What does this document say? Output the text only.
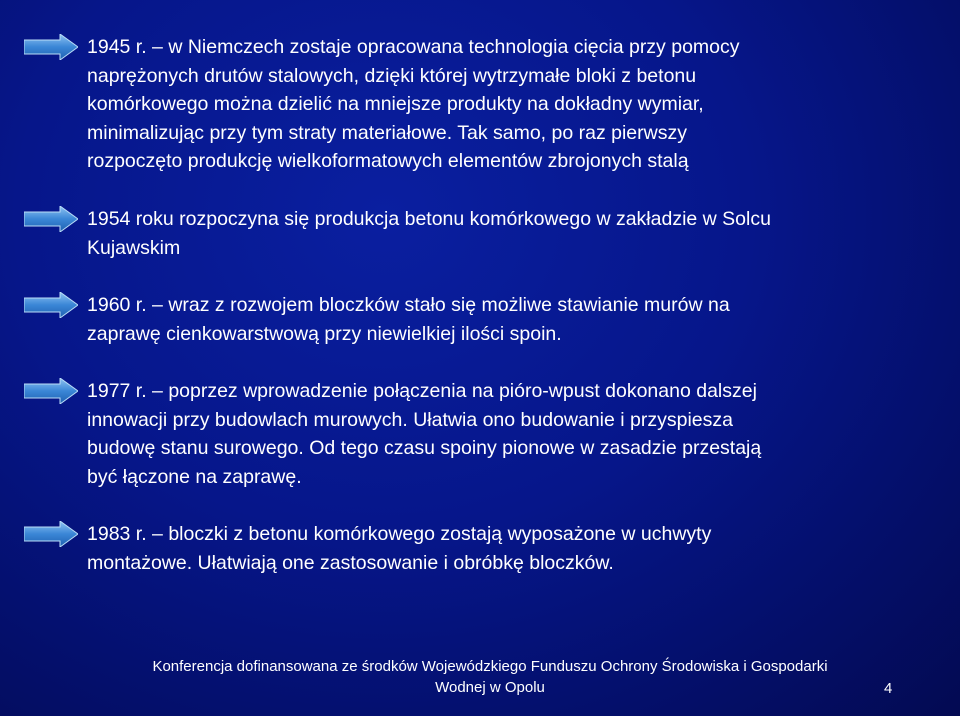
1945 r. – w Niemczech zostaje opracowana technologia cięcia przy pomocy
naprężonych drutów stalowych, dzięki której wytrzymałe bloki z betonu
komórkowego można dzielić na mniejsze produkty na dokładny wymiar,
minimalizując przy tym straty materiałowe. Tak samo, po raz pierwszy
rozpoczęto produkcję wielkoformatowych elementów zbrojonych stalą
1954 roku rozpoczyna się produkcja betonu komórkowego w zakładzie w Solcu
Kujawskim
1960 r. – wraz z rozwojem bloczków stało się możliwe stawianie murów na
zaprawę cienkowarstwową przy niewielkiej ilości spoin.
1977 r. – poprzez wprowadzenie połączenia na pióro-wpust dokonano dalszej
innowacji przy budowlach murowych. Ułatwia ono budowanie i przyspiesza
budowę stanu surowego. Od tego czasu spoiny pionowe w zasadzie przestają
być łączone na zaprawę.
1983 r. – bloczki z betonu komórkowego zostają wyposażone w uchwyty
montażowe. Ułatwiają one zastosowanie i obróbkę bloczków.
Konferencja dofinansowana ze środków Wojewódzkiego Funduszu Ochrony Środowiska i Gospodarki
Wodnej w Opolu	4
